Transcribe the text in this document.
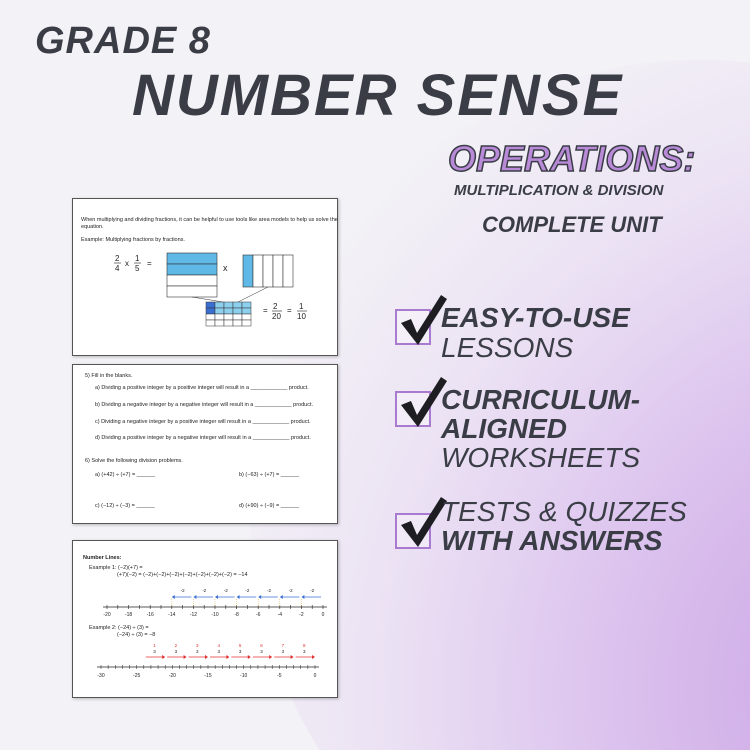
GRADE 8
NUMBER SENSE
OPERATIONS:
MULTIPLICATION & DIVISION
COMPLETE UNIT
When multiplying and dividing fractions, it can be helpful to use tools like area models to help us solve the
equation.
Example: Multiplying fractions by fractions.
2
4
x
1
5
=	x
= 2
20
= 1
10
5) Fill in the blanks.
a) Dividing a positive integer by a positive integer will result in a ____________ product.
b) Dividing a negative integer by a negative integer will result in a ____________ product.
c) Dividing a negative integer by a positive integer will result in a ____________ product.
d) Dividing a positive integer by a negative integer will result in a ____________ product.
6) Solve the following division problems.
a) (+42) ÷ (+7) = ______	b) (−63) ÷ (+7) = ______
c) (−12) ÷ (−3) = ______	d) (+90) ÷ (−9) = ______
Number Lines:
Example 1: (−2)(+7) =
(+7)(−2) = (−2)+(−2)+(−2)+(−2)+(−2)+(−2)+(−2) = −14
Example 2: (−24) ÷ (3) =
(−24) ÷ (3) = −8
-20	-18	-16	-14	-12	-10	-8	-6	-4	-2	0
-2
-2
-2
-2
-2
-2
-2
-30	-25	-20	-15	-10	-5	0
3
1
3
2
3
3
3
4
3
5
3
6
3
7
3
8
EASY-TO-USE
LESSONS
CURRICULUM-
ALIGNED
WORKSHEETS
TESTS & QUIZZES
WITH ANSWERS
